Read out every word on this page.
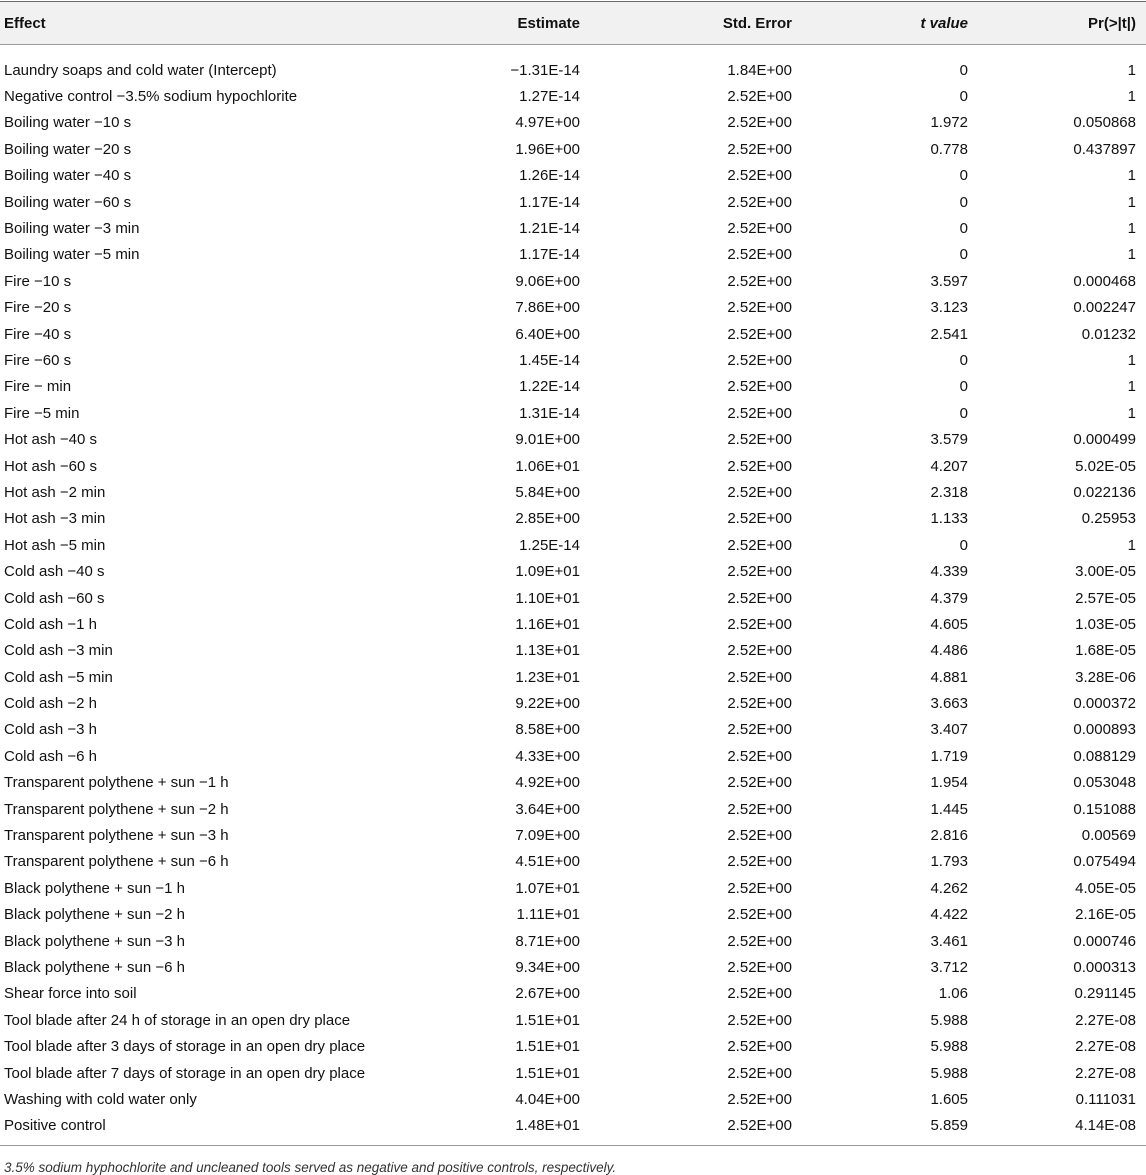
Effect	Estimate	Std. Error	t value	Pr(>|t|)
Laundry soaps and cold water (Intercept)	−1.31E-14	1.84E+00	0	1
Negative control −3.5% sodium hypochlorite	1.27E-14	2.52E+00	0	1
Boiling water −10 s	4.97E+00	2.52E+00	1.972	0.050868
Boiling water −20 s	1.96E+00	2.52E+00	0.778	0.437897
Boiling water −40 s	1.26E-14	2.52E+00	0	1
Boiling water −60 s	1.17E-14	2.52E+00	0	1
Boiling water −3 min	1.21E-14	2.52E+00	0	1
Boiling water −5 min	1.17E-14	2.52E+00	0	1
Fire −10 s	9.06E+00	2.52E+00	3.597	0.000468
Fire −20 s	7.86E+00	2.52E+00	3.123	0.002247
Fire −40 s	6.40E+00	2.52E+00	2.541	0.01232
Fire −60 s	1.45E-14	2.52E+00	0	1
Fire − min	1.22E-14	2.52E+00	0	1
Fire −5 min	1.31E-14	2.52E+00	0	1
Hot ash −40 s	9.01E+00	2.52E+00	3.579	0.000499
Hot ash −60 s	1.06E+01	2.52E+00	4.207	5.02E-05
Hot ash −2 min	5.84E+00	2.52E+00	2.318	0.022136
Hot ash −3 min	2.85E+00	2.52E+00	1.133	0.25953
Hot ash −5 min	1.25E-14	2.52E+00	0	1
Cold ash −40 s	1.09E+01	2.52E+00	4.339	3.00E-05
Cold ash −60 s	1.10E+01	2.52E+00	4.379	2.57E-05
Cold ash −1 h	1.16E+01	2.52E+00	4.605	1.03E-05
Cold ash −3 min	1.13E+01	2.52E+00	4.486	1.68E-05
Cold ash −5 min	1.23E+01	2.52E+00	4.881	3.28E-06
Cold ash −2 h	9.22E+00	2.52E+00	3.663	0.000372
Cold ash −3 h	8.58E+00	2.52E+00	3.407	0.000893
Cold ash −6 h	4.33E+00	2.52E+00	1.719	0.088129
Transparent polythene + sun −1 h	4.92E+00	2.52E+00	1.954	0.053048
Transparent polythene + sun −2 h	3.64E+00	2.52E+00	1.445	0.151088
Transparent polythene + sun −3 h	7.09E+00	2.52E+00	2.816	0.00569
Transparent polythene + sun −6 h	4.51E+00	2.52E+00	1.793	0.075494
Black polythene + sun −1 h	1.07E+01	2.52E+00	4.262	4.05E-05
Black polythene + sun −2 h	1.11E+01	2.52E+00	4.422	2.16E-05
Black polythene + sun −3 h	8.71E+00	2.52E+00	3.461	0.000746
Black polythene + sun −6 h	9.34E+00	2.52E+00	3.712	0.000313
Shear force into soil	2.67E+00	2.52E+00	1.06	0.291145
Tool blade after 24 h of storage in an open dry place	1.51E+01	2.52E+00	5.988	2.27E-08
Tool blade after 3 days of storage in an open dry place	1.51E+01	2.52E+00	5.988	2.27E-08
Tool blade after 7 days of storage in an open dry place	1.51E+01	2.52E+00	5.988	2.27E-08
Washing with cold water only	4.04E+00	2.52E+00	1.605	0.111031
Positive control	1.48E+01	2.52E+00	5.859	4.14E-08
3.5% sodium hyphochlorite and uncleaned tools served as negative and positive controls, respectively.
